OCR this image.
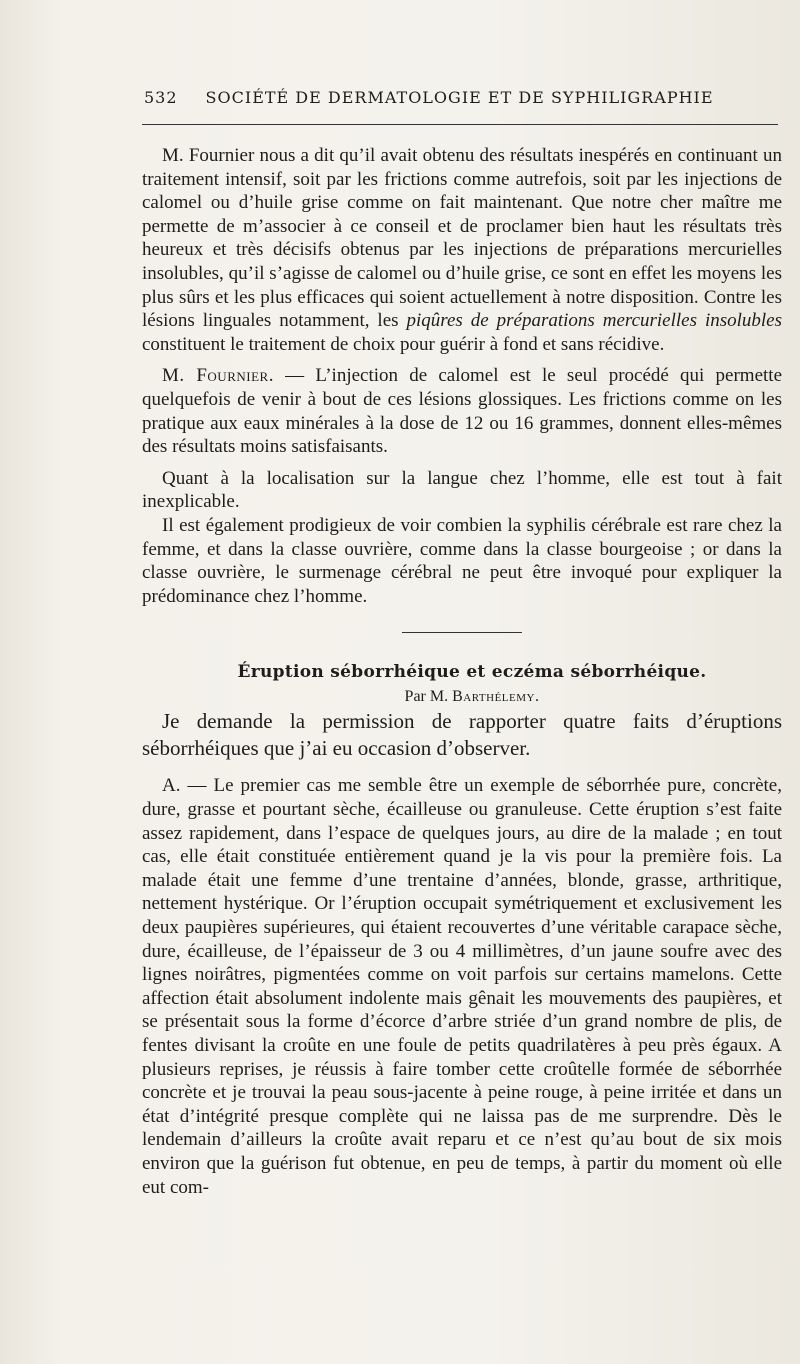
532 SOCIÉTÉ DE DERMATOLOGIE ET DE SYPHILIGRAPHIE

M. Fournier nous a dit qu’il avait obtenu des résultats inespérés en continuant un traitement intensif, soit par les frictions comme autrefois, soit par les injections de calomel ou d’huile grise comme on fait maintenant. Que notre cher maître me permette de m’associer à ce conseil et de proclamer bien haut les résultats très heureux et très décisifs obtenus par les injections de préparations mercurielles insolubles, qu’il s’agisse de calomel ou d’huile grise, ce sont en effet les moyens les plus sûrs et les plus efficaces qui soient actuellement à notre disposition. Contre les lésions linguales notamment, les piqûres de préparations mercurielles insolubles constituent le traitement de choix pour guérir à fond et sans récidive.

M. Fournier. — L’injection de calomel est le seul procédé qui permette quelquefois de venir à bout de ces lésions glossiques. Les frictions comme on les pratique aux eaux minérales à la dose de 12 ou 16 grammes, donnent elles-mêmes des résultats moins satisfaisants.

Quant à la localisation sur la langue chez l’homme, elle est tout à fait inexplicable.

Il est également prodigieux de voir combien la syphilis cérébrale est rare chez la femme, et dans la classe ouvrière, comme dans la classe bourgeoise ; or dans la classe ouvrière, le surmenage cérébral ne peut être invoqué pour expliquer la prédominance chez l’homme.

Éruption séborrhéique et eczéma séborrhéique.

Par M. Barthélemy.

Je demande la permission de rapporter quatre faits d’éruptions séborrhéiques que j’ai eu occasion d’observer.

A. — Le premier cas me semble être un exemple de séborrhée pure, concrète, dure, grasse et pourtant sèche, écailleuse ou granuleuse. Cette éruption s’est faite assez rapidement, dans l’espace de quelques jours, au dire de la malade ; en tout cas, elle était constituée entièrement quand je la vis pour la première fois. La malade était une femme d’une trentaine d’années, blonde, grasse, arthritique, nettement hystérique. Or l’éruption occupait symétriquement et exclusivement les deux paupières supérieures, qui étaient recouvertes d’une véritable carapace sèche, dure, écailleuse, de l’épaisseur de 3 ou 4 millimètres, d’un jaune soufre avec des lignes noirâtres, pigmentées comme on voit parfois sur certains mamelons. Cette affection était absolument indolente mais gênait les mouvements des paupières, et se présentait sous la forme d’écorce d’arbre striée d’un grand nombre de plis, de fentes divisant la croûte en une foule de petits quadrilatères à peu près égaux. A plusieurs reprises, je réussis à faire tomber cette croûtelle formée de séborrhée concrète et je trouvai la peau sous-jacente à peine rouge, à peine irritée et dans un état d’intégrité presque complète qui ne laissa pas de me surprendre. Dès le lendemain d’ailleurs la croûte avait reparu et ce n’est qu’au bout de six mois environ que la guérison fut obtenue, en peu de temps, à partir du moment où elle eut com-
